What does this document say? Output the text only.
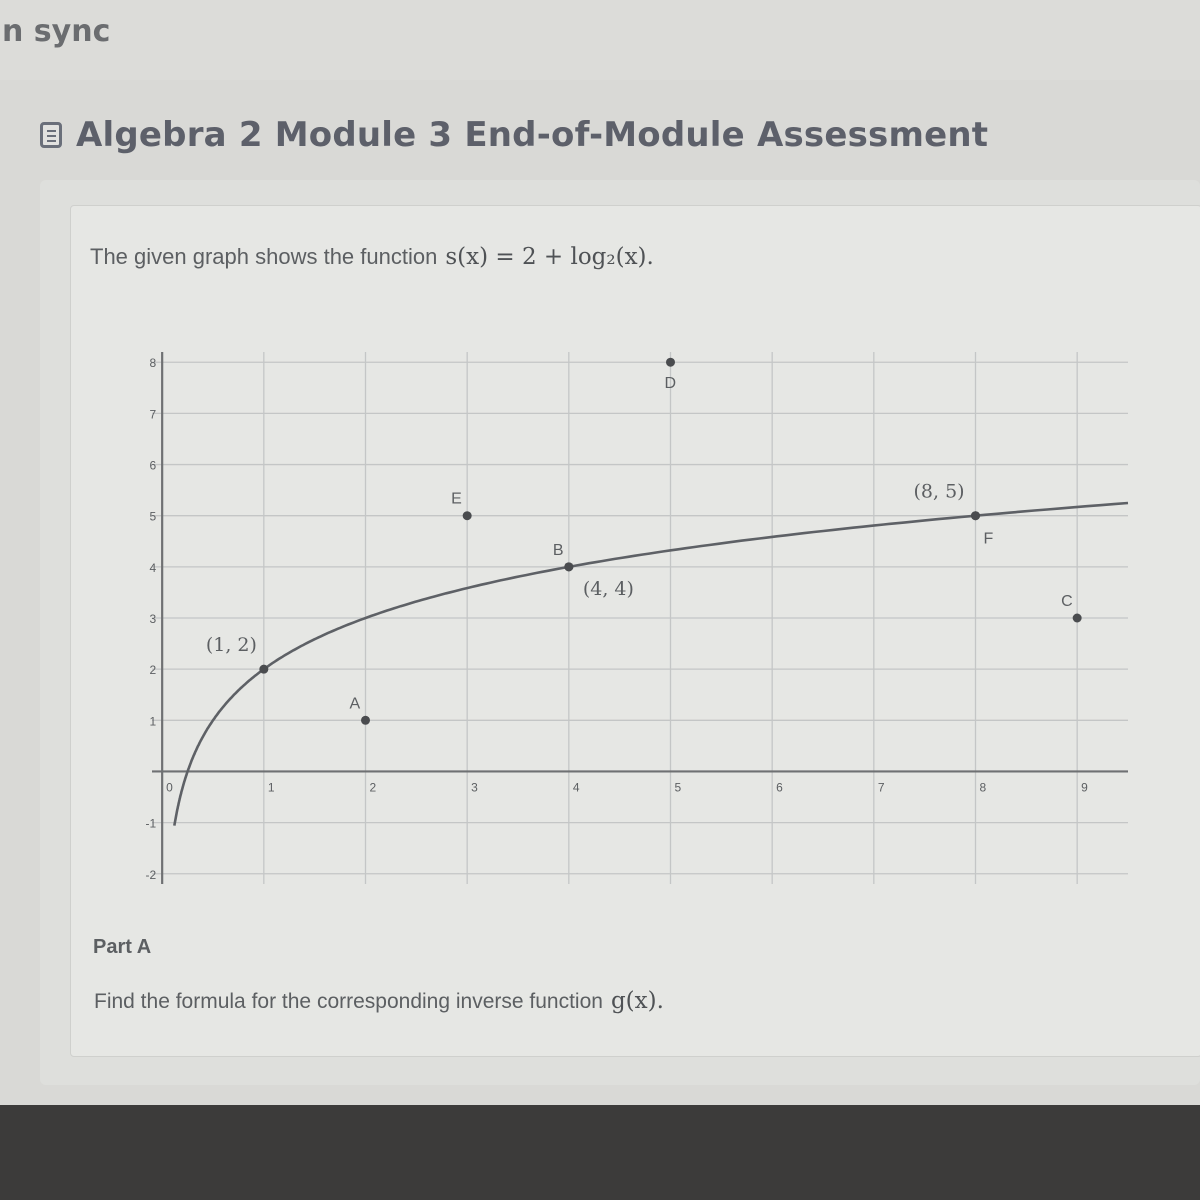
n sync
Algebra 2 Module 3 End-of-Module Assessment
The given graph shows the function s(x) = 2 + log₂(x).
0	1	2	3	4	5	6	7	8	9
-2
-1
1
2
3
4
5
6
7
8
(1, 2)
(4, 4)
(8, 5)
A
B
C
D
E
F
Part A
Find the formula for the corresponding inverse function g(x).
